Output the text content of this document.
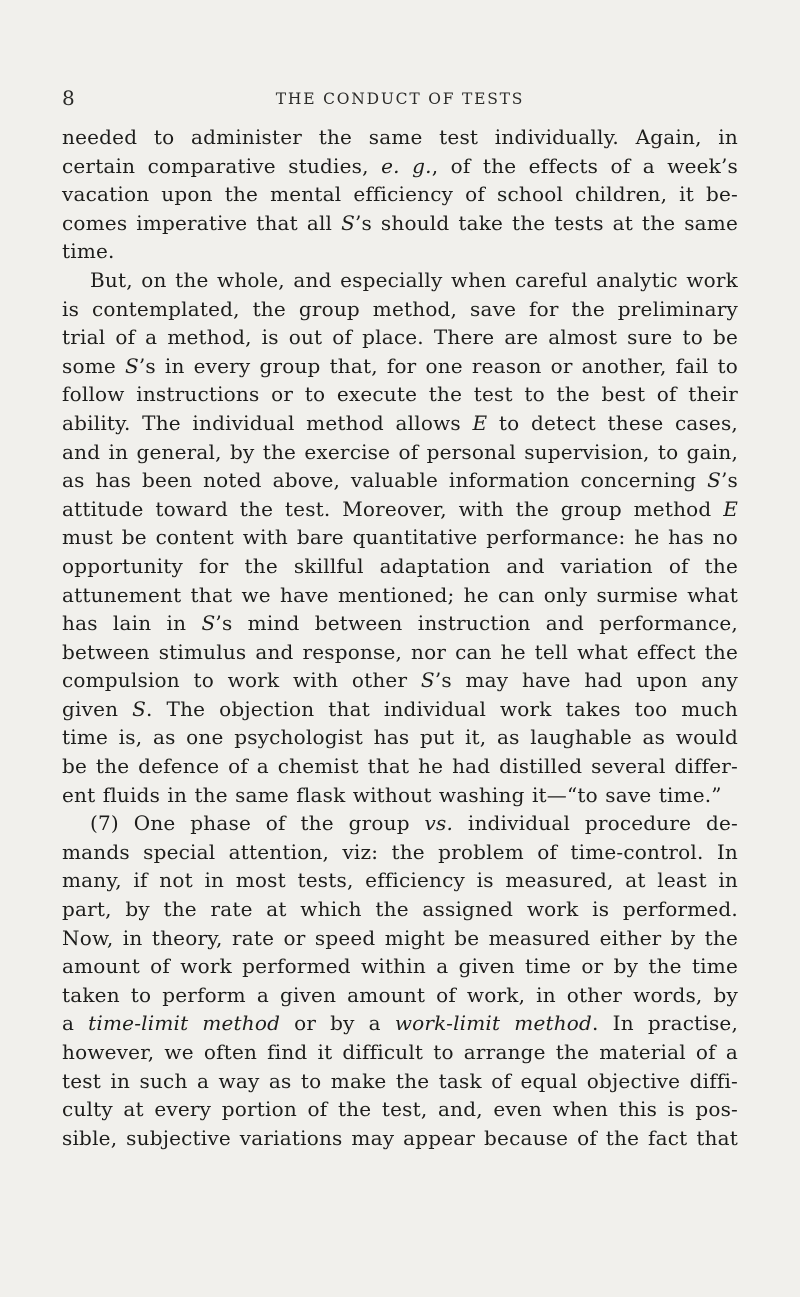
8	THE CONDUCT OF TESTS
needed to administer the same test individually. Again, in
certain comparative studies, e. g., of the effects of a week’s
vacation upon the mental efficiency of school children, it be-
comes imperative that all S’s should take the tests at the same
time.
But, on the whole, and especially when careful analytic work
is contemplated, the group method, save for the preliminary
trial of a method, is out of place. There are almost sure to be
some S’s in every group that, for one reason or another, fail to
follow instructions or to execute the test to the best of their
ability. The individual method allows E to detect these cases,
and in general, by the exercise of personal supervision, to gain,
as has been noted above, valuable information concerning S’s
attitude toward the test. Moreover, with the group method E
must be content with bare quantitative performance: he has no
opportunity for the skillful adaptation and variation of the
attunement that we have mentioned; he can only surmise what
has lain in S’s mind between instruction and performance,
between stimulus and response, nor can he tell what effect the
compulsion to work with other S’s may have had upon any
given S. The objection that individual work takes too much
time is, as one psychologist has put it, as laughable as would
be the defence of a chemist that he had distilled several differ-
ent fluids in the same flask without washing it—“to save time.”
(7) One phase of the group vs. individual procedure de-
mands special attention, viz: the problem of time-control. In
many, if not in most tests, efficiency is measured, at least in
part, by the rate at which the assigned work is performed.
Now, in theory, rate or speed might be measured either by the
amount of work performed within a given time or by the time
taken to perform a given amount of work, in other words, by
a time-limit method or by a work-limit method. In practise,
however, we often find it difficult to arrange the material of a
test in such a way as to make the task of equal objective diffi-
culty at every portion of the test, and, even when this is pos-
sible, subjective variations may appear because of the fact that
